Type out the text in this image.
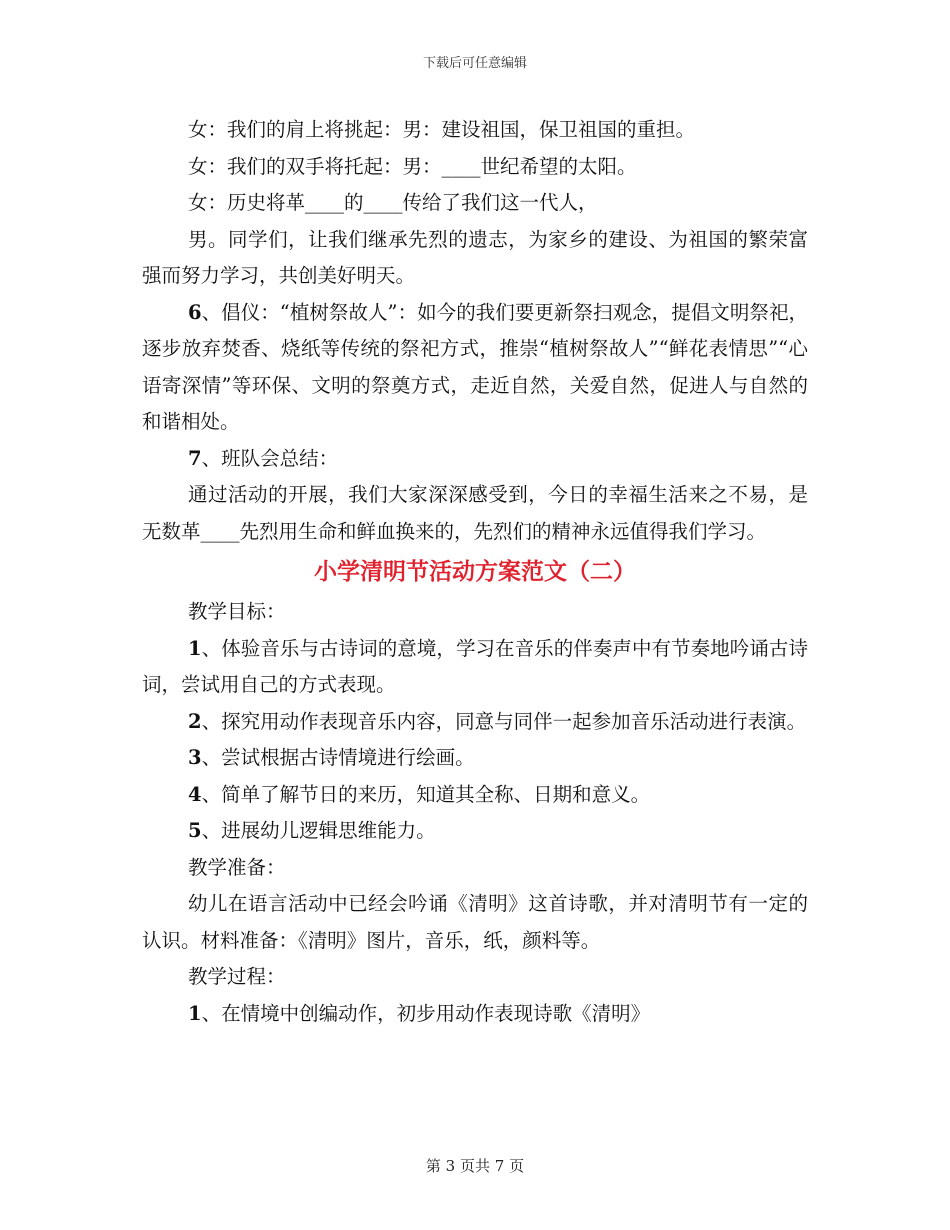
下载后可任意编辑

女：我们的肩上将挑起：男：建设祖国，保卫祖国的重担。

女：我们的双手将托起：男：____世纪希望的太阳。

女：历史将革____的____传给了我们这一代人，

男。同学们，让我们继承先烈的遗志，为家乡的建设、为祖国的繁荣富强而努力学习，共创美好明天。

6、倡仪：“植树祭故人”：如今的我们要更新祭扫观念，提倡文明祭祀，逐步放弃焚香、烧纸等传统的祭祀方式，推崇“植树祭故人”“鲜花表情思”“心语寄深情”等环保、文明的祭奠方式，走近自然，关爱自然，促进人与自然的和谐相处。

7、班队会总结：

通过活动的开展，我们大家深深感受到，今日的幸福生活来之不易，是无数革____先烈用生命和鲜血换来的，先烈们的精神永远值得我们学习。

小学清明节活动方案范文（二）

教学目标：

1、体验音乐与古诗词的意境，学习在音乐的伴奏声中有节奏地吟诵古诗词，尝试用自己的方式表现。

2、探究用动作表现音乐内容，同意与同伴一起参加音乐活动进行表演。

3、尝试根据古诗情境进行绘画。

4、简单了解节日的来历，知道其全称、日期和意义。

5、进展幼儿逻辑思维能力。

教学准备：

幼儿在语言活动中已经会吟诵《清明》这首诗歌，并对清明节有一定的认识。材料准备：《清明》图片，音乐，纸，颜料等。

教学过程：

1、在情境中创编动作，初步用动作表现诗歌《清明》

第 3 页共 7 页
